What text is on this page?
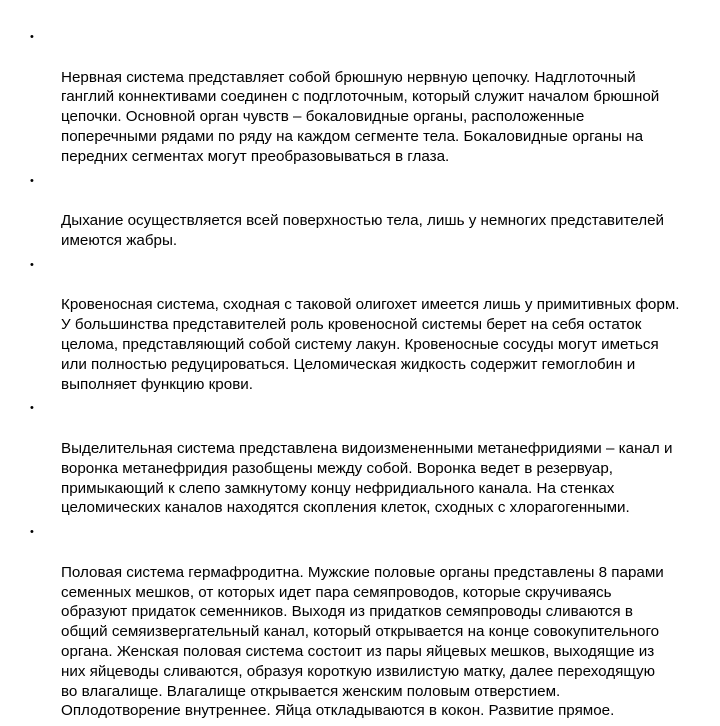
•

Нервная система представляет собой брюшную нервную цепочку. Надглоточный
ганглий коннективами соединен с подглоточным, который служит началом брюшной
цепочки. Основной орган чувств – бокаловидные органы, расположенные
поперечными рядами по ряду на каждом сегменте тела. Бокаловидные органы на
передних сегментах могут преобразовываться в глаза.

•

Дыхание осуществляется всей поверхностью тела, лишь у немногих представителей
имеются жабры.

•

Кровеносная система, сходная с таковой олигохет имеется лишь у примитивных форм.
У большинства представителей роль кровеносной системы берет на себя остаток
целома, представляющий собой систему лакун. Кровеносные сосуды могут иметься
или полностью редуцироваться. Целомическая жидкость содержит гемоглобин и
выполняет функцию крови.

•

Выделительная система представлена видоизмененными метанефридиями – канал и
воронка метанефридия разобщены между собой. Воронка ведет в резервуар,
примыкающий к слепо замкнутому концу нефридиального канала. На стенках
целомических каналов находятся скопления клеток, сходных с хлорагогенными.

•

Половая система гермафродитна. Мужские половые органы представлены 8 парами
семенных мешков, от которых идет пара семяпроводов, которые скручиваясь
образуют придаток семенников. Выходя из придатков семяпроводы сливаются в
общий семяизвергательный канал, который открывается на конце совокупительного
органа. Женская половая система состоит из пары яйцевых мешков, выходящие из
них яйцеводы сливаются, образуя короткую извилистую матку, далее переходящую
во влагалище. Влагалище открывается женским половым отверстием.
Оплодотворение внутреннее. Яйца откладываются в кокон. Развитие прямое.
